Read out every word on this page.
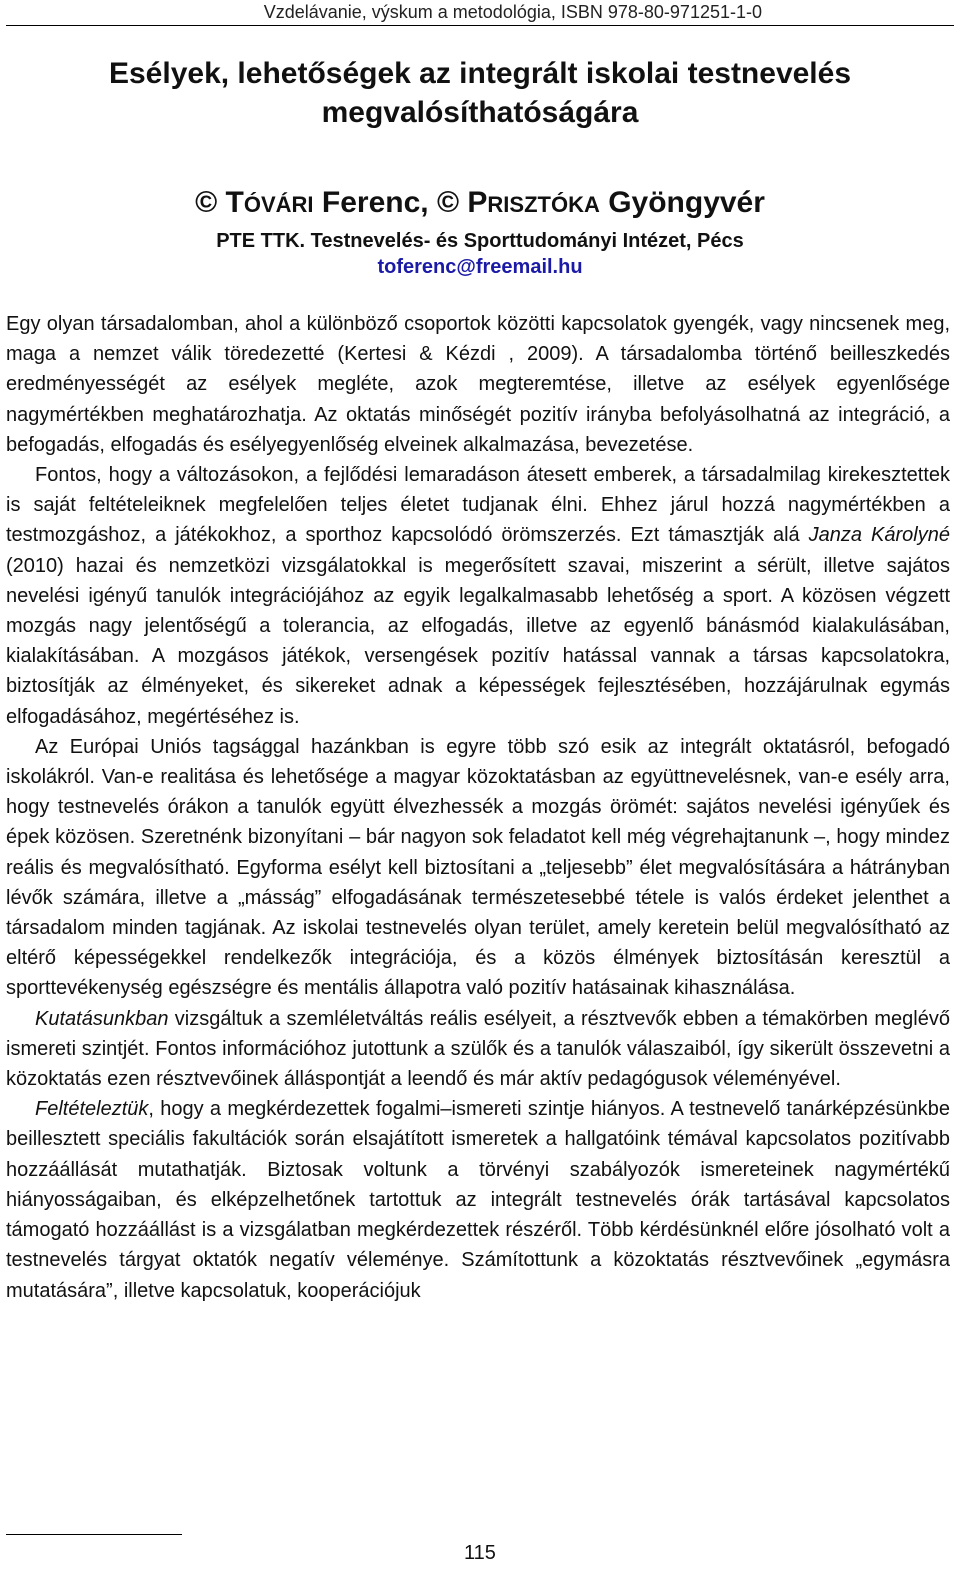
Vzdelávanie, výskum a metodológia, ISBN 978-80-971251-1-0
Esélyek, lehetőségek az integrált iskolai testnevelés
megvalósíthatóságára
© TÓVÁRI Ferenc, © PRISZTÓKA Gyöngyvér
PTE TTK. Testnevelés- és Sporttudományi Intézet, Pécs
toferenc@freemail.hu

Egy olyan társadalomban, ahol a különböző csoportok közötti kapcsolatok gyengék, vagy nincsenek meg, maga a nemzet válik töredezetté (Kertesi & Kézdi , 2009). A társadalomba történő beilleszkedés eredményességét az esélyek megléte, azok megteremtése, illetve az esélyek egyenlősége nagymértékben meghatározhatja. Az oktatás minőségét pozitív irányba befolyásolhatná az integráció, a befogadás, elfogadás és esélyegyenlőség elveinek alkalmazása, bevezetése.

Fontos, hogy a változásokon, a fejlődési lemaradáson átesett emberek, a társadalmilag kirekesztettek is saját feltételeiknek megfelelően teljes életet tudjanak élni. Ehhez járul hozzá nagymértékben a testmozgáshoz, a játékokhoz, a sporthoz kapcsolódó örömszerzés. Ezt támasztják alá Janza Károlyné (2010) hazai és nemzetközi vizsgálatokkal is megerősített szavai, miszerint a sérült, illetve sajátos nevelési igényű tanulók integrációjához az egyik legalkalmasabb lehetőség a sport. A közösen végzett mozgás nagy jelentőségű a tolerancia, az elfogadás, illetve az egyenlő bánásmód kialakulásában, kialakításában. A mozgásos játékok, versengések pozitív hatással vannak a társas kapcsolatokra, biztosítják az élményeket, és sikereket adnak a képességek fejlesztésében, hozzájárulnak egymás elfogadásához, megértéséhez is.

Az Európai Uniós tagsággal hazánkban is egyre több szó esik az integrált oktatásról, befogadó iskolákról. Van-e realitása és lehetősége a magyar közoktatásban az együttnevelésnek, van-e esély arra, hogy testnevelés órákon a tanulók együtt élvezhessék a mozgás örömét: sajátos nevelési igényűek és épek közösen. Szeretnénk bizonyítani – bár nagyon sok feladatot kell még végrehajtanunk –, hogy mindez reális és megvalósítható. Egyforma esélyt kell biztosítani a „teljesebb” élet megvalósítására a hátrányban lévők számára, illetve a „másság” elfogadásának természetesebbé tétele is valós érdeket jelenthet a társadalom minden tagjának. Az iskolai testnevelés olyan terület, amely keretein belül megvalósítható az eltérő képességekkel rendelkezők integrációja, és a közös élmények biztosításán keresztül a sporttevékenység egészségre és mentális állapotra való pozitív hatásainak kihasználása.

Kutatásunkban vizsgáltuk a szemléletváltás reális esélyeit, a résztvevők ebben a témakörben meglévő ismereti szintjét. Fontos információhoz jutottunk a szülők és a tanulók válaszaiból, így sikerült összevetni a közoktatás ezen résztvevőinek álláspontját a leendő és már aktív pedagógusok véleményével.

Feltételeztük, hogy a megkérdezettek fogalmi–ismereti szintje hiányos. A testnevelő tanárképzésünkbe beillesztett speciális fakultációk során elsajátított ismeretek a hallgatóink témával kapcsolatos pozitívabb hozzáállását mutathatják. Biztosak voltunk a törvényi szabályozók ismereteinek nagymértékű hiányosságaiban, és elképzelhetőnek tartottuk az integrált testnevelés órák tartásával kapcsolatos támogató hozzáállást is a vizsgálatban megkérdezettek részéről. Több kérdésünknél előre jósolható volt a testnevelés tárgyat oktatók negatív véleménye. Számítottunk a közoktatás résztvevőinek „egymásra mutatására”, illetve kapcsolatuk, kooperációjuk

115
